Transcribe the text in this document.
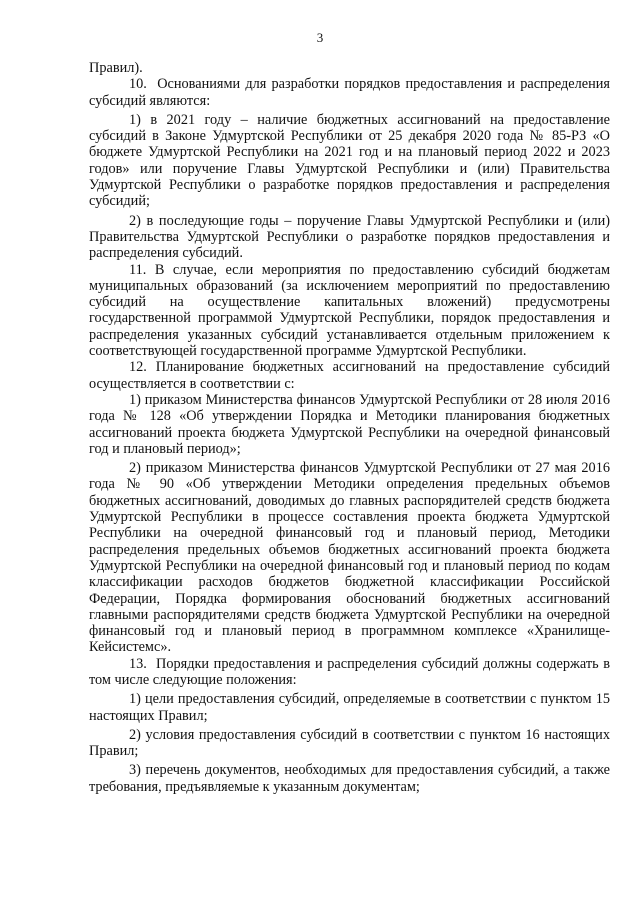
3

Правил).

10.  Основаниями для разработки порядков предоставления и распределения субсидий являются:

1) в 2021 году – наличие бюджетных ассигнований на предоставление субсидий в Законе Удмуртской Республики от 25 декабря 2020 года № 85-РЗ «О бюджете Удмуртской Республики на 2021 год и на плановый период 2022 и 2023 годов» или поручение Главы Удмуртской Республики и (или) Правительства Удмуртской Республики о разработке порядков предоставления и распределения субсидий;

2) в последующие годы – поручение Главы Удмуртской Республики и (или) Правительства Удмуртской Республики о разработке порядков предоставления и распределения субсидий.

11. В случае, если мероприятия по предоставлению субсидий бюджетам муниципальных образований (за исключением мероприятий по предоставлению субсидий на осуществление капитальных вложений) предусмотрены государственной программой Удмуртской Республики, порядок предоставления и распределения указанных субсидий устанавливается отдельным приложением к соответствующей государственной программе Удмуртской Республики.

12. Планирование бюджетных ассигнований на предоставление субсидий осуществляется в соответствии с:

1) приказом Министерства финансов Удмуртской Республики от 28 июля 2016 года № 128 «Об утверждении Порядка и Методики планирования бюджетных ассигнований проекта бюджета Удмуртской Республики на очередной финансовый год и плановый период»;

2) приказом Министерства финансов Удмуртской Республики от 27 мая 2016 года № 90 «Об утверждении Методики определения предельных объемов бюджетных ассигнований, доводимых до главных распорядителей средств бюджета Удмуртской Республики в процессе составления проекта бюджета Удмуртской Республики на очередной финансовый год и плановый период, Методики распределения предельных объемов бюджетных ассигнований проекта бюджета Удмуртской Республики на очередной финансовый год и плановый период по кодам классификации расходов бюджетов бюджетной классификации Российской Федерации, Порядка формирования обоснований бюджетных ассигнований главными распорядителями средств бюджета Удмуртской Республики на очередной финансовый год и плановый период в программном комплексе «Хранилище-Кейсистемс».

13.  Порядки предоставления и распределения субсидий должны содержать в том числе следующие положения:

1) цели предоставления субсидий, определяемые в соответствии с пунктом 15 настоящих Правил;

2) условия предоставления субсидий в соответствии с пунктом 16 настоящих Правил;

3) перечень документов, необходимых для предоставления субсидий, а также требования, предъявляемые к указанным документам;
